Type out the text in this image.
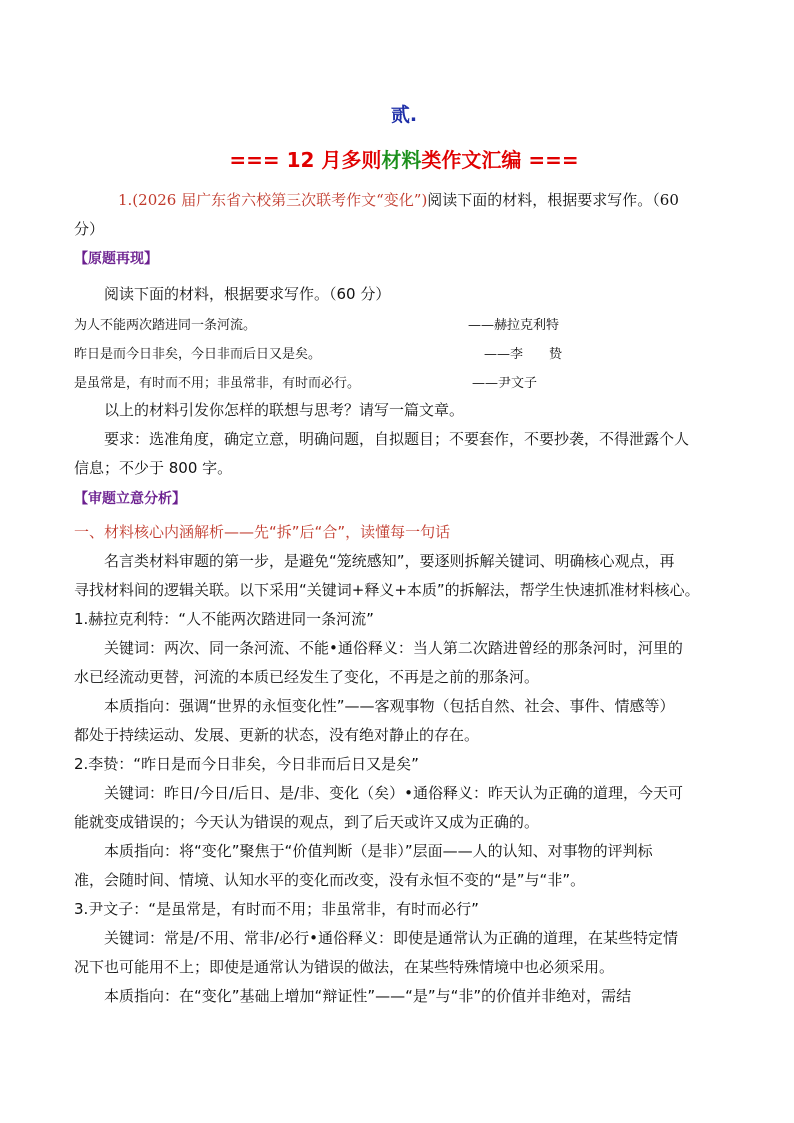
贰.
=== 12 月多则材料类作文汇编 ===
1.(2026 届广东省六校第三次联考作文“变化”)阅读下面的材料，根据要求写作。（60
分）
【原题再现】
阅读下面的材料，根据要求写作。（60 分）
为人不能两次踏进同一条河流。	——赫拉克利特
昨日是而今日非矣，今日非而后日又是矣。	——李　　贽
是虽常是，有时而不用；非虽常非，有时而必行。	——尹文子
以上的材料引发你怎样的联想与思考？请写一篇文章。
要求：选准角度，确定立意，明确问题，自拟题目；不要套作，不要抄袭，不得泄露个人
信息；不少于 800 字。
【审题立意分析】
一、材料核心内涵解析——先“拆”后“合”，读懂每一句话
名言类材料审题的第一步，是避免“笼统感知”，要逐则拆解关键词、明确核心观点，再
寻找材料间的逻辑关联。以下采用“关键词+释义+本质”的拆解法，帮学生快速抓准材料核心。
1.赫拉克利特：“人不能两次踏进同一条河流”
关键词：两次、同一条河流、不能•通俗释义：当人第二次踏进曾经的那条河时，河里的
水已经流动更替，河流的本质已经发生了变化，不再是之前的那条河。
本质指向：强调“世界的永恒变化性”——客观事物（包括自然、社会、事件、情感等）
都处于持续运动、发展、更新的状态，没有绝对静止的存在。
2.李贽：“昨日是而今日非矣，今日非而后日又是矣”
关键词：昨日/今日/后日、是/非、变化（矣）•通俗释义：昨天认为正确的道理，今天可
能就变成错误的；今天认为错误的观点，到了后天或许又成为正确的。
本质指向：将“变化”聚焦于“价值判断（是非）”层面——人的认知、对事物的评判标
准，会随时间、情境、认知水平的变化而改变，没有永恒不变的“是”与“非”。
3.尹文子：“是虽常是，有时而不用；非虽常非，有时而必行”
关键词：常是/不用、常非/必行•通俗释义：即使是通常认为正确的道理，在某些特定情
况下也可能用不上；即使是通常认为错误的做法，在某些特殊情境中也必须采用。
本质指向：在“变化”基础上增加“辩证性”——“是”与“非”的价值并非绝对，需结
